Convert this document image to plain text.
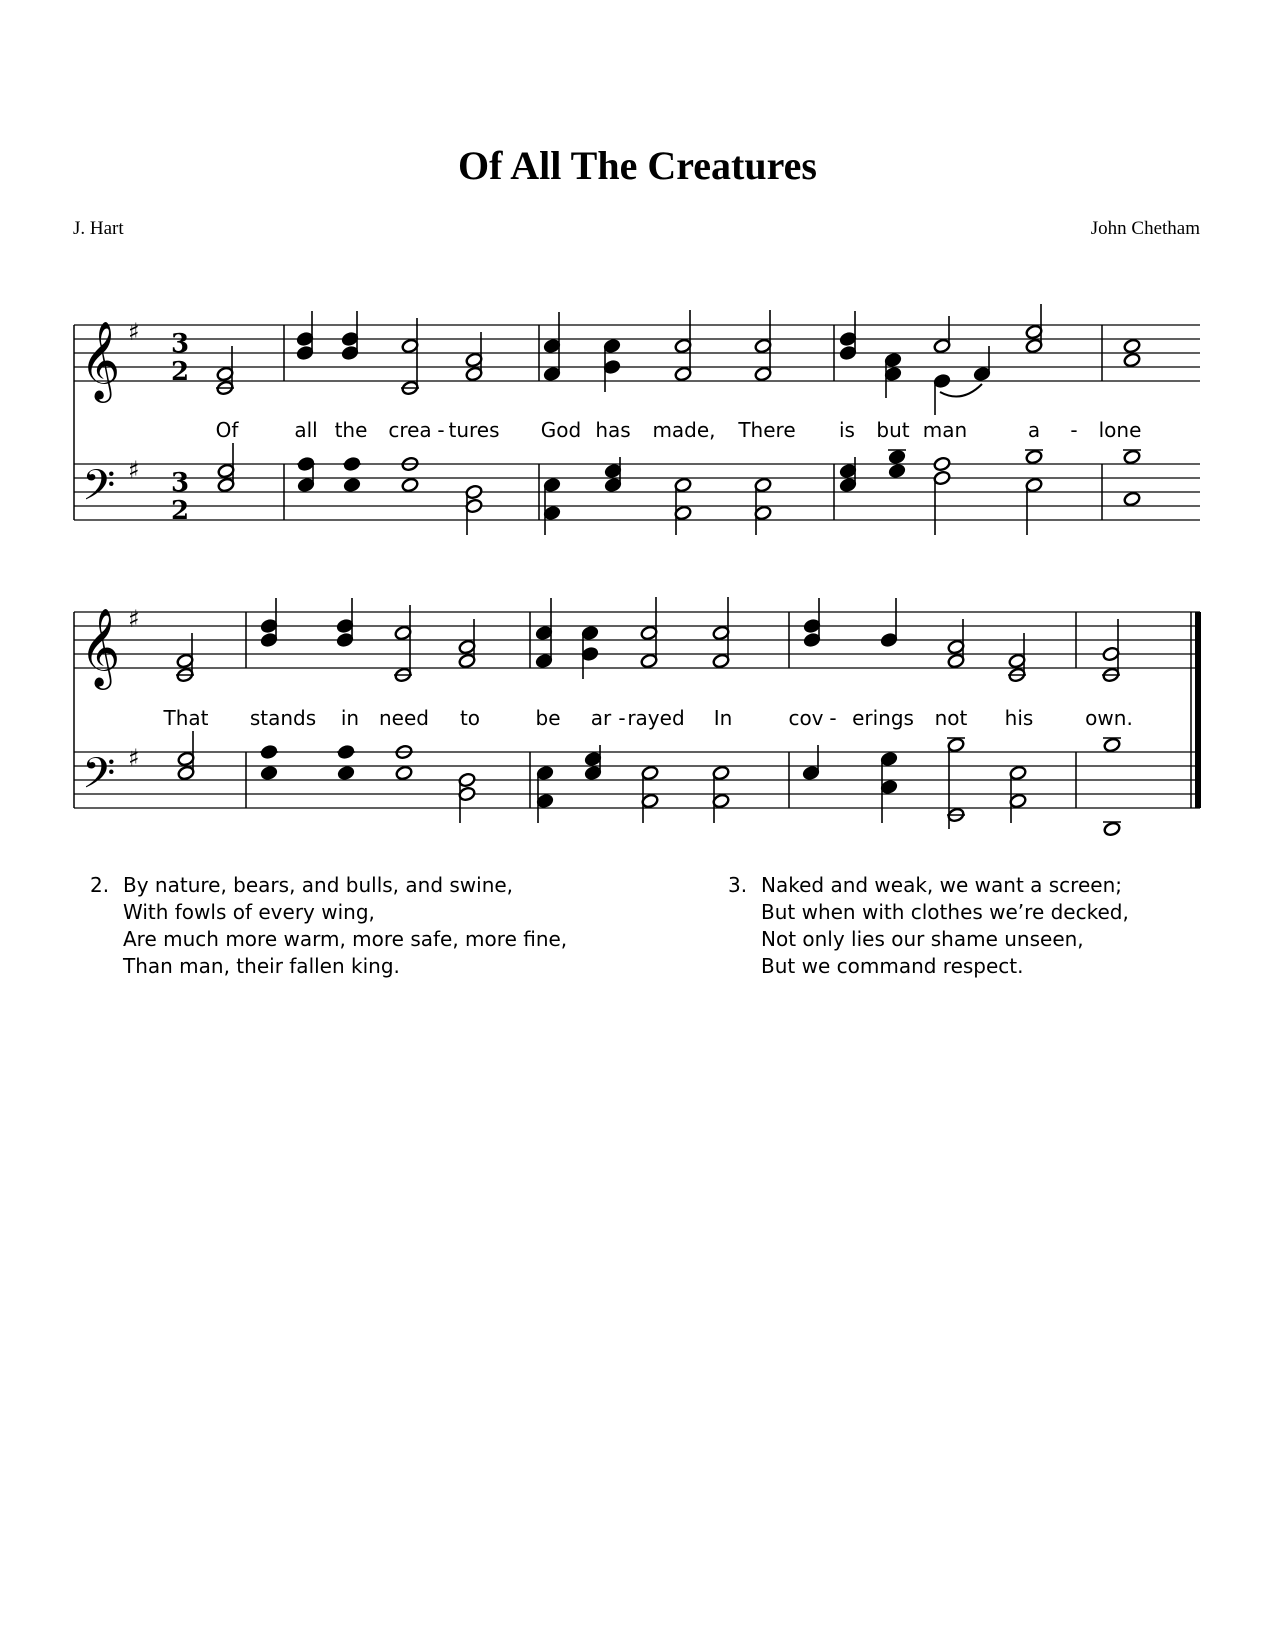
Of All The Creatures
J. Hart	John Chetham
𝄞
𝄢
♯
♯
3
2
3
2
Of	all the crea - tures God has made, There is but man	a - lone
𝄞
𝄢
♯
♯
That stands in need to	be ar - rayed In	cov - erings not his	own.
2. By nature, bears, and bulls, and swine,
With fowls of every wing,
Are much more warm, more safe, more fine,
Than man, their fallen king.
3. Naked and weak, we want a screen;
But when with clothes we’re decked,
Not only lies our shame unseen,
But we command respect.
